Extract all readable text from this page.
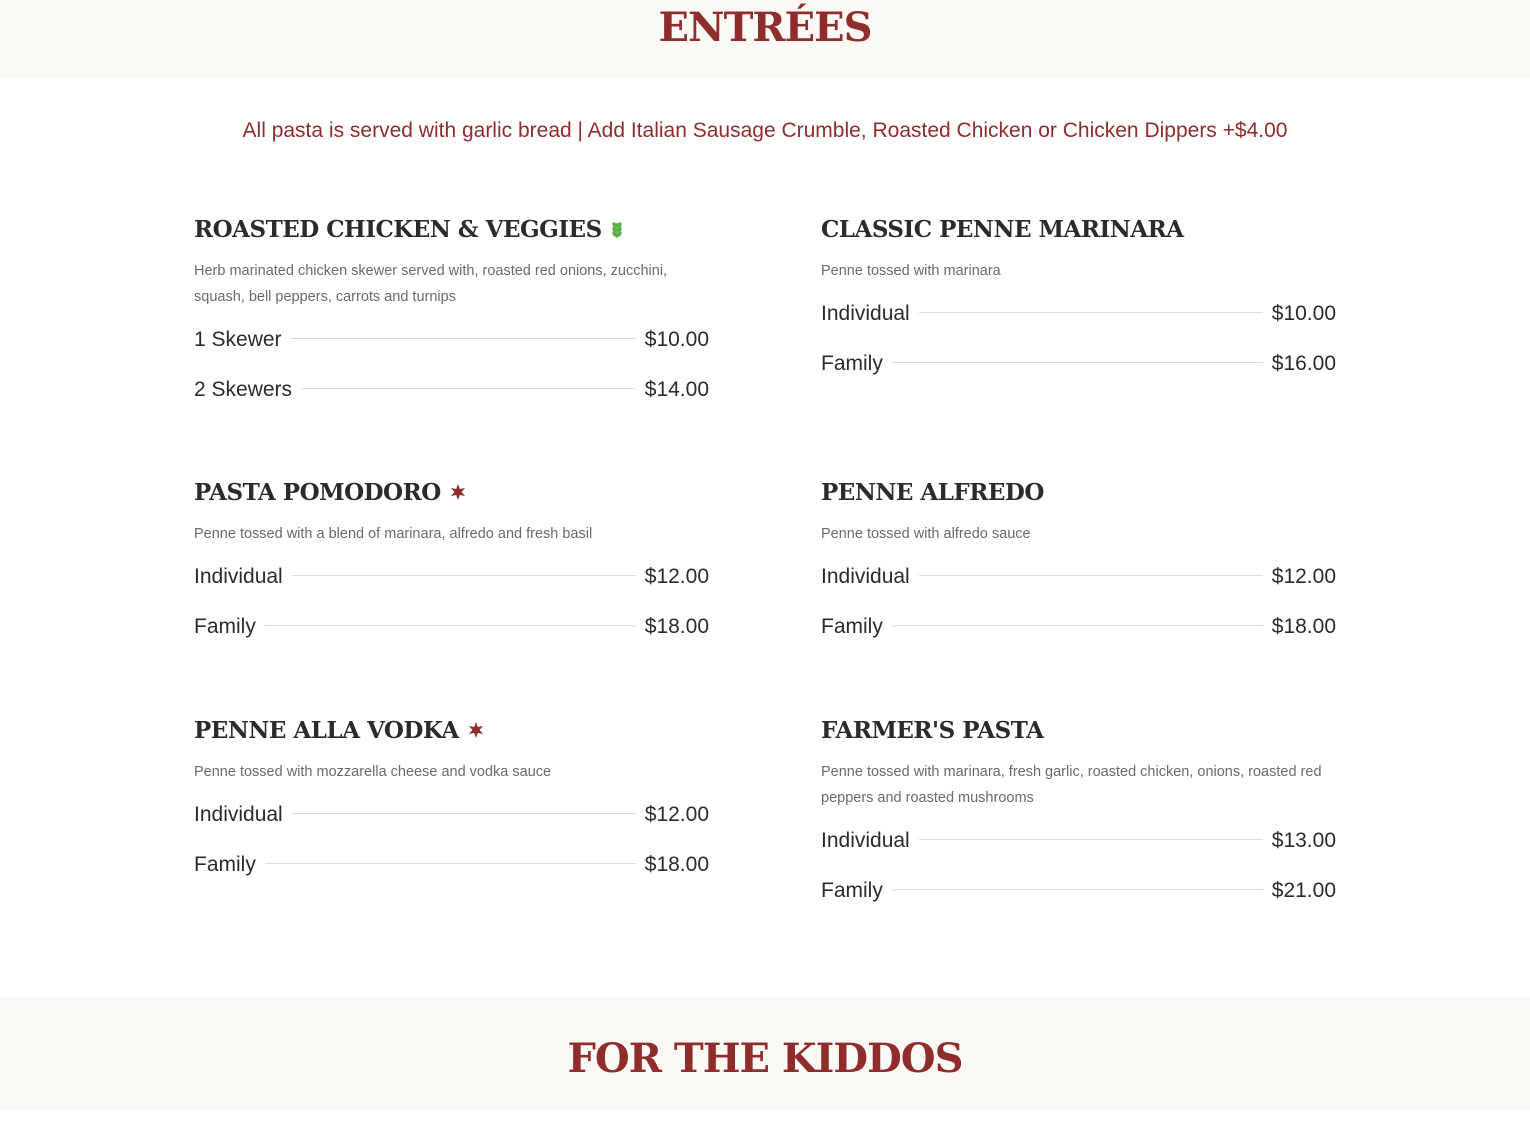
ENTRÉES

All pasta is served with garlic bread | Add Italian Sausage Crumble, Roasted Chicken or Chicken Dippers +$4.00

ROASTED CHICKEN & VEGGIES

Herb marinated chicken skewer served with, roasted red onions, zucchini, squash, bell peppers, carrots and turnips

1 Skewer	$10.00
2 Skewers	$14.00
CLASSIC PENNE MARINARA

Penne tossed with marinara

Individual	$10.00
Family	$16.00
PASTA POMODORO

Penne tossed with a blend of marinara, alfredo and fresh basil

Individual	$12.00
Family	$18.00
PENNE ALFREDO

Penne tossed with alfredo sauce

Individual	$12.00
Family	$18.00
PENNE ALLA VODKA

Penne tossed with mozzarella cheese and vodka sauce

Individual	$12.00
Family	$18.00
FARMER'S PASTA

Penne tossed with marinara, fresh garlic, roasted chicken, onions, roasted red peppers and roasted mushrooms

Individual	$13.00
Family	$21.00
FOR THE KIDDOS
